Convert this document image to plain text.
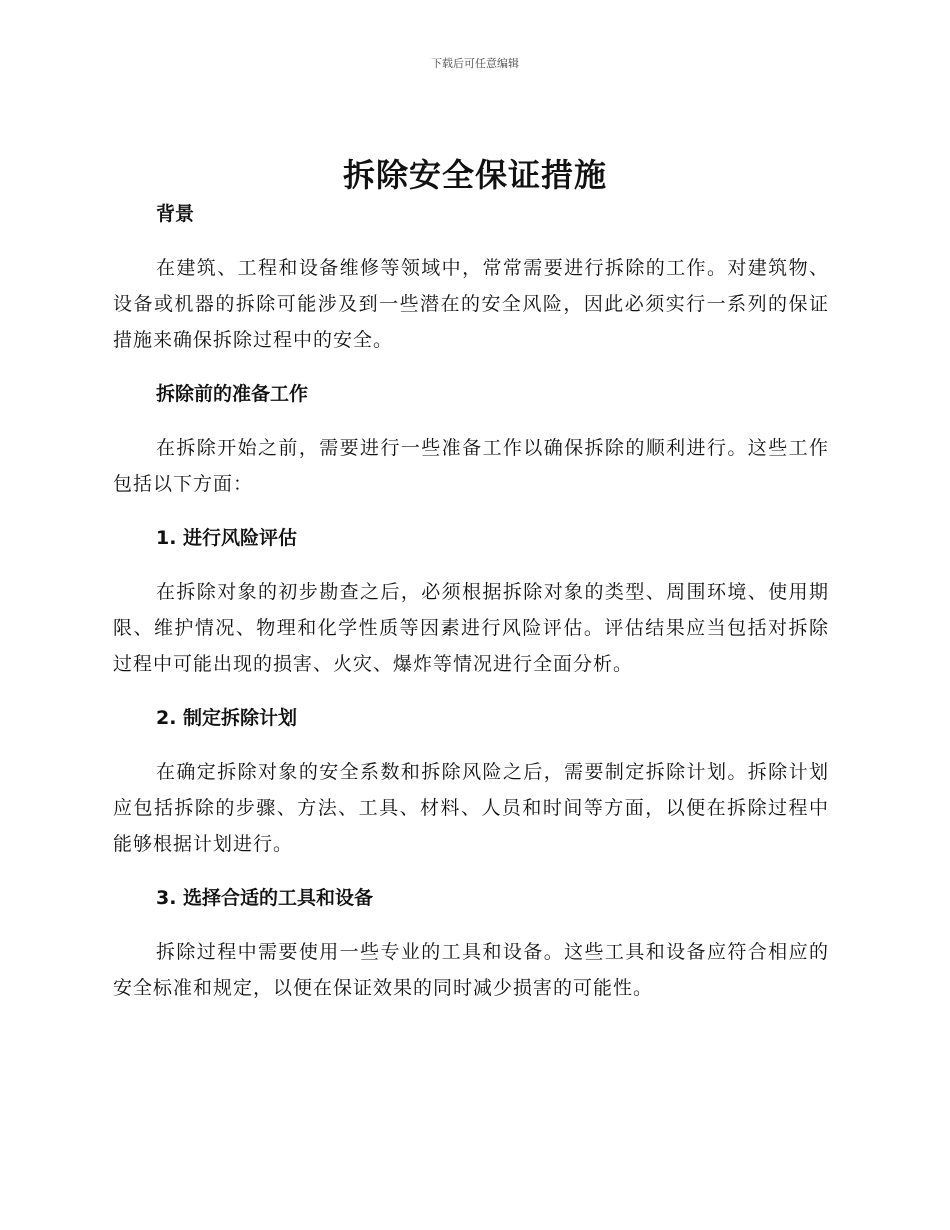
下载后可任意编辑
拆除安全保证措施
背景

在建筑、工程和设备维修等领域中，常常需要进行拆除的工作。对建筑物、设备或机器的拆除可能涉及到一些潜在的安全风险，因此必须实行一系列的保证措施来确保拆除过程中的安全。

拆除前的准备工作

在拆除开始之前，需要进行一些准备工作以确保拆除的顺利进行。这些工作包括以下方面：

1. 进行风险评估

在拆除对象的初步勘查之后，必须根据拆除对象的类型、周围环境、使用期限、维护情况、物理和化学性质等因素进行风险评估。评估结果应当包括对拆除过程中可能出现的损害、火灾、爆炸等情况进行全面分析。

2. 制定拆除计划

在确定拆除对象的安全系数和拆除风险之后，需要制定拆除计划。拆除计划应包括拆除的步骤、方法、工具、材料、人员和时间等方面，以便在拆除过程中能够根据计划进行。

3. 选择合适的工具和设备

拆除过程中需要使用一些专业的工具和设备。这些工具和设备应符合相应的安全标准和规定，以便在保证效果的同时减少损害的可能性。
